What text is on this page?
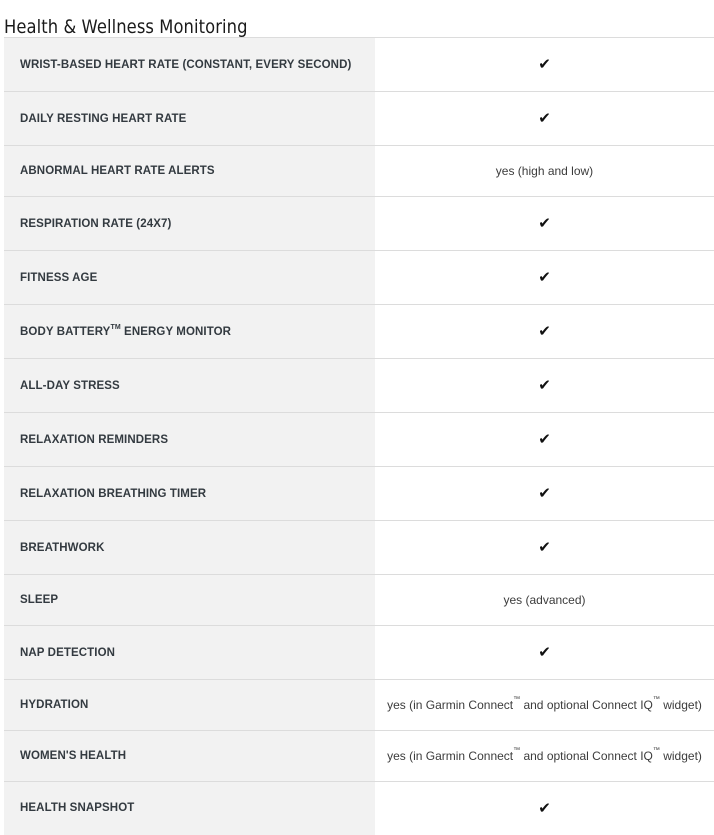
Health & Wellness Monitoring
WRIST-BASED HEART RATE (CONSTANT, EVERY SECOND)	✔
DAILY RESTING HEART RATE	✔
ABNORMAL HEART RATE ALERTS	yes (high and low)
RESPIRATION RATE (24X7)	✔
FITNESS AGE	✔
BODY BATTERY™ ENERGY MONITOR	✔
ALL-DAY STRESS	✔
RELAXATION REMINDERS	✔
RELAXATION BREATHING TIMER	✔
BREATHWORK	✔
SLEEP	yes (advanced)
NAP DETECTION	✔
HYDRATION	yes (in Garmin Connect™ and optional Connect IQ™ widget)
WOMEN'S HEALTH	yes (in Garmin Connect™ and optional Connect IQ™ widget)
HEALTH SNAPSHOT	✔
